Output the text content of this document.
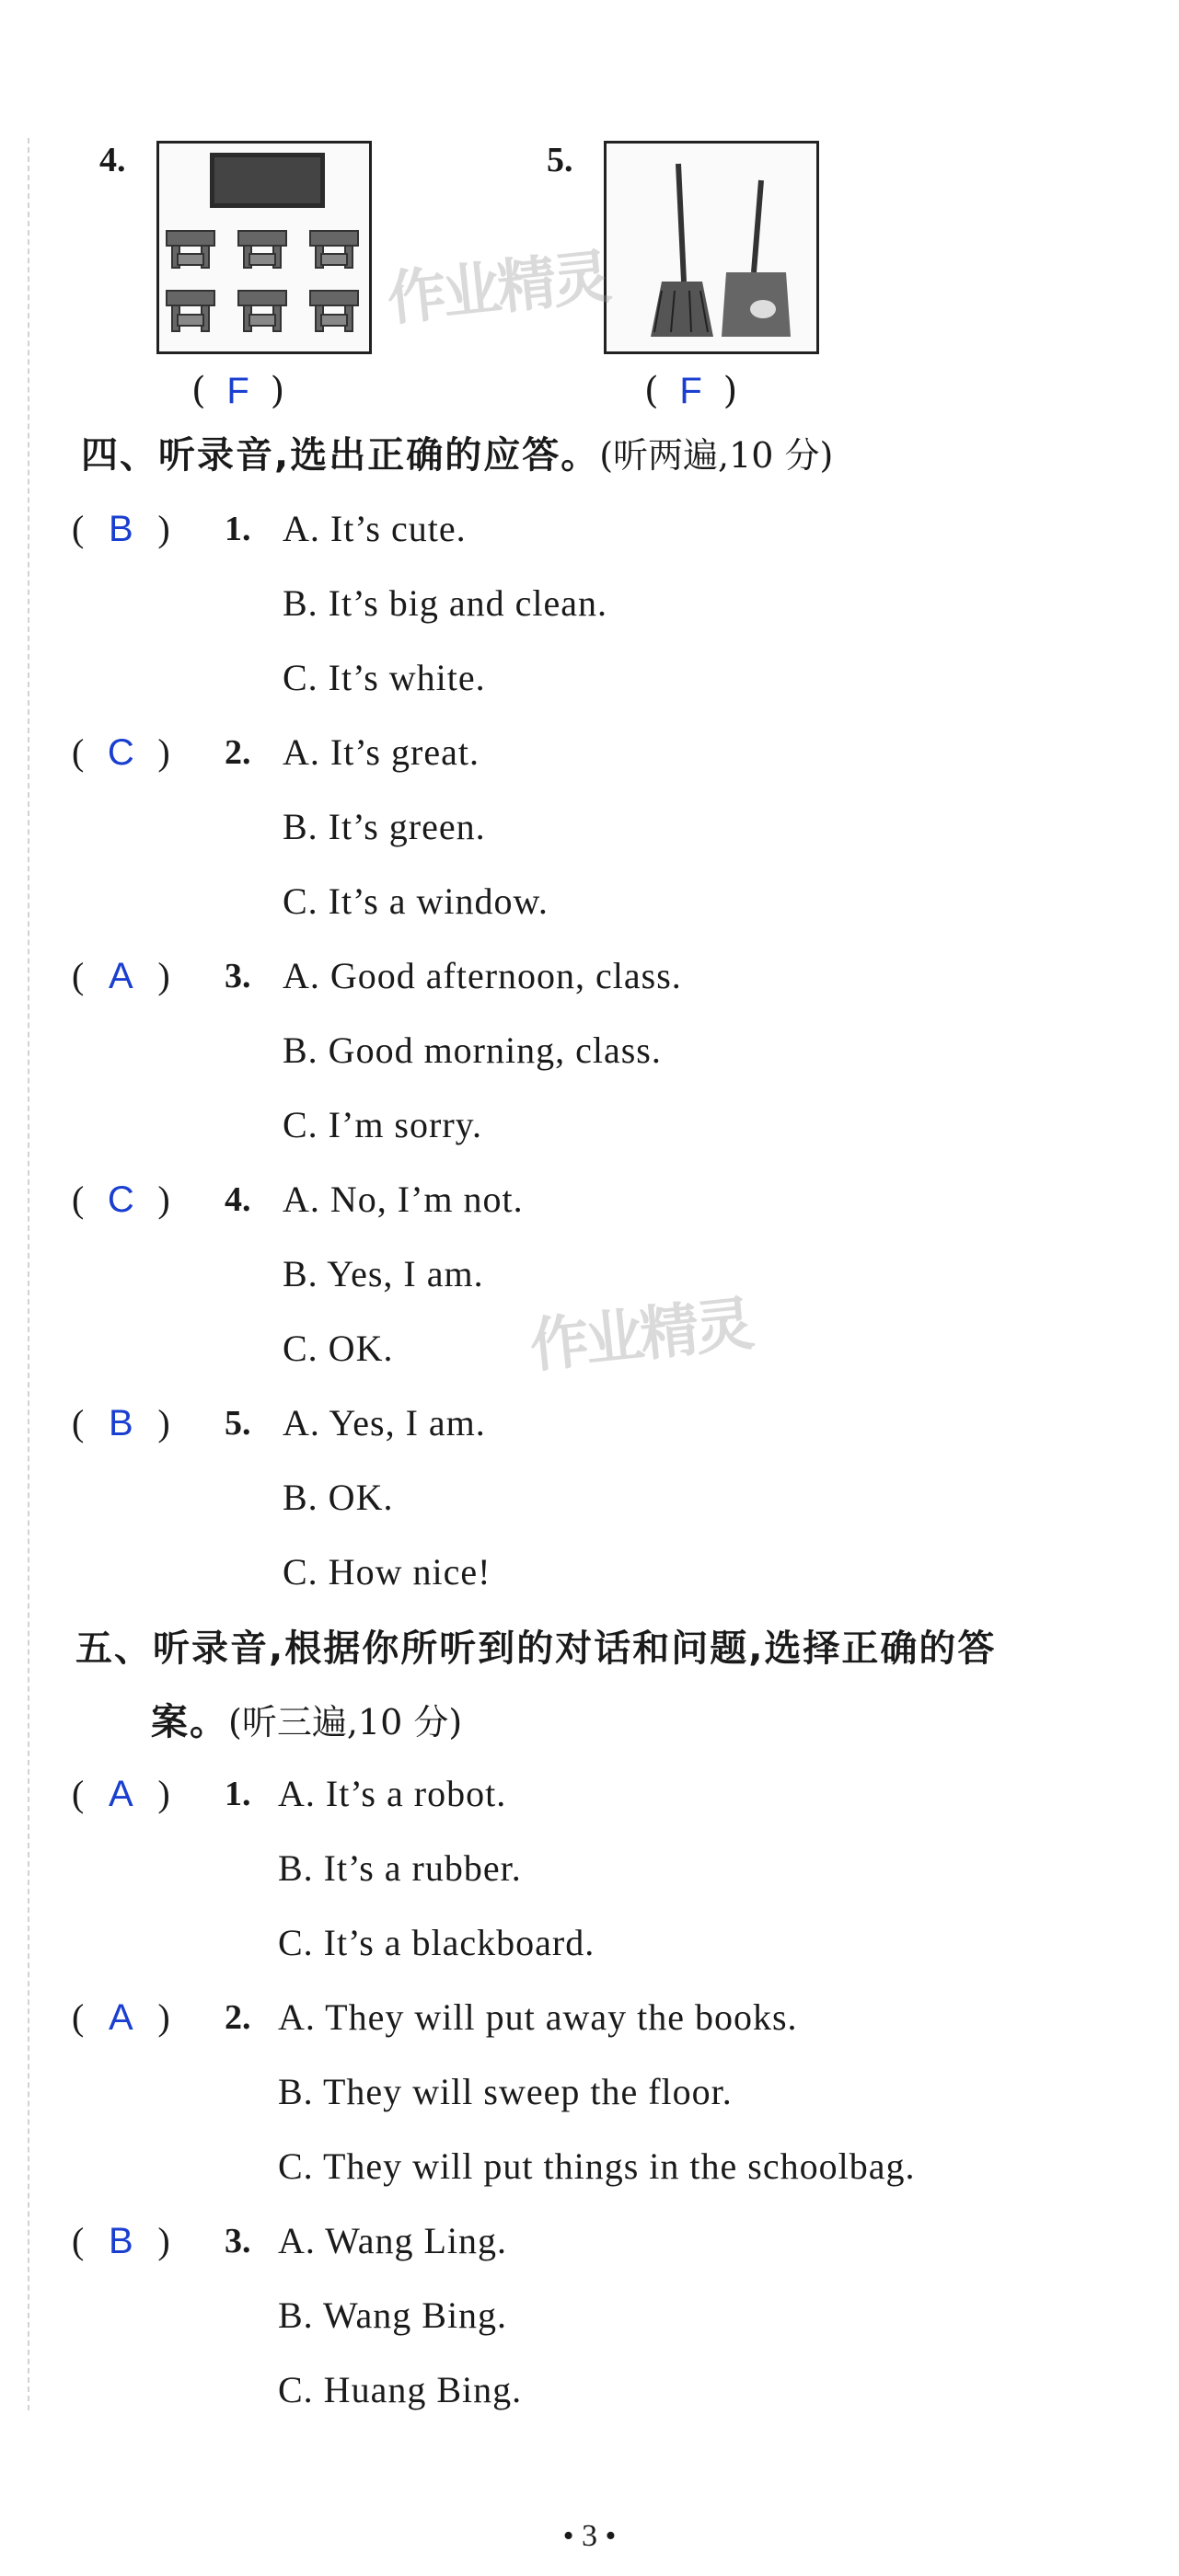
4.
( F )
5.
( F )
作业精灵
作业精灵
四、听录音,选出正确的应答。(听两遍,10 分)
( B ) 1. A. It’s cute.
B. It’s big and clean.
C. It’s white.
( C ) 2. A. It’s great.
B. It’s green.
C. It’s a window.
( A ) 3. A. Good afternoon, class.
B. Good morning, class.
C. I’m sorry.
( C ) 4. A. No, I’m not.
B. Yes, I am.
C. OK.
( B ) 5. A. Yes, I am.
B. OK.
C. How nice!
五、听录音,根据你所听到的对话和问题,选择正确的答
案。(听三遍,10 分)
( A ) 1. A. It’s a robot.
B. It’s a rubber.
C. It’s a blackboard.
( A ) 2. A. They will put away the books.
B. They will sweep the floor.
C. They will put things in the schoolbag.
( B ) 3. A. Wang Ling.
B. Wang Bing.
C. Huang Bing.
• 3 •
